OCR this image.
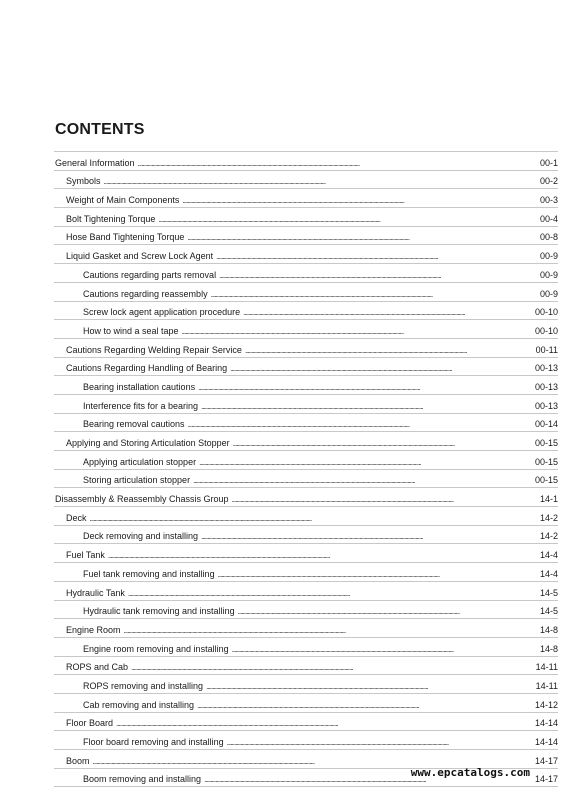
CONTENTS
General Information . . .	00-1
Symbols . . .	00-2
Weight of Main Components . . .	00-3
Bolt Tightening Torque . . .	00-4
Hose Band Tightening Torque . . .	00-8
Liquid Gasket and Screw Lock Agent . . .	00-9
Cautions regarding parts removal . . .	00-9
Cautions regarding reassembly . . .	00-9
Screw lock agent application procedure . . .	00-10
How to wind a seal tape . . .	00-10
Cautions Regarding Welding Repair Service . . .	00-11
Cautions Regarding Handling of Bearing . . .	00-13
Bearing installation cautions . . .	00-13
Interference fits for a bearing . . .	00-13
Bearing removal cautions . . .	00-14
Applying and Storing Articulation Stopper . . .	00-15
Applying articulation stopper . . .	00-15
Storing articulation stopper . . .	00-15
Disassembly & Reassembly Chassis Group . . .	14-1
Deck . . .	14-2
Deck removing and installing . . .	14-2
Fuel Tank . . .	14-4
Fuel tank removing and installing . . .	14-4
Hydraulic Tank . . .	14-5
Hydraulic tank removing and installing . . .	14-5
Engine Room . . .	14-8
Engine room removing and installing . . .	14-8
ROPS and Cab . . .	14-11
ROPS removing and installing . . .	14-11
Cab removing and installing . . .	14-12
Floor Board . . .	14-14
Floor board removing and installing . . .	14-14
Boom . . .	14-17
Boom removing and installing . . .	14-17

www.epcatalogs.com
